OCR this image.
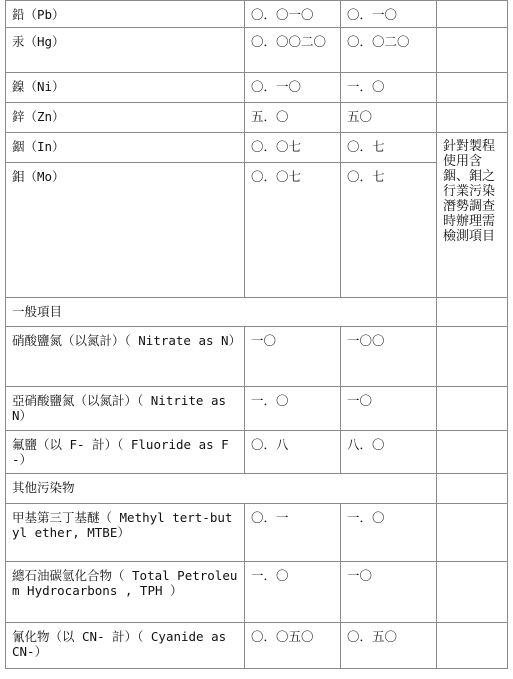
鉛（Pb）	〇．〇一〇	〇．一〇	
汞（Hg）	〇．〇〇二〇	〇．〇二〇	
鎳（Ni）	〇．一〇	一．〇	
鋅（Zn）	五．〇	五〇	
銦（In）	〇．〇七	〇．七	針對製程使用含銦、鉬之行業污染潛勢調查時辦理需檢測項目
鉬（Mo）	〇．〇七	〇．七	
一般項目			
硝酸鹽氮（以氮計）（ Nitrate as N）	一〇	一〇〇	
亞硝酸鹽氮（以氮計）（ Nitrite as N）	一．〇	一〇	
氟鹽（以 F- 計）（ Fluoride as F-）	〇．八	八．〇	
其他污染物			
甲基第三丁基醚（ Methyl tert-butyl ether, MTBE）	〇．一	一．〇	
總石油碳氫化合物（ Total Petroleum Hydrocarbons , TPH ）	一．〇	一〇	
氰化物（以 CN- 計）（ Cyanide as CN-）	〇．〇五〇	〇．五〇	
